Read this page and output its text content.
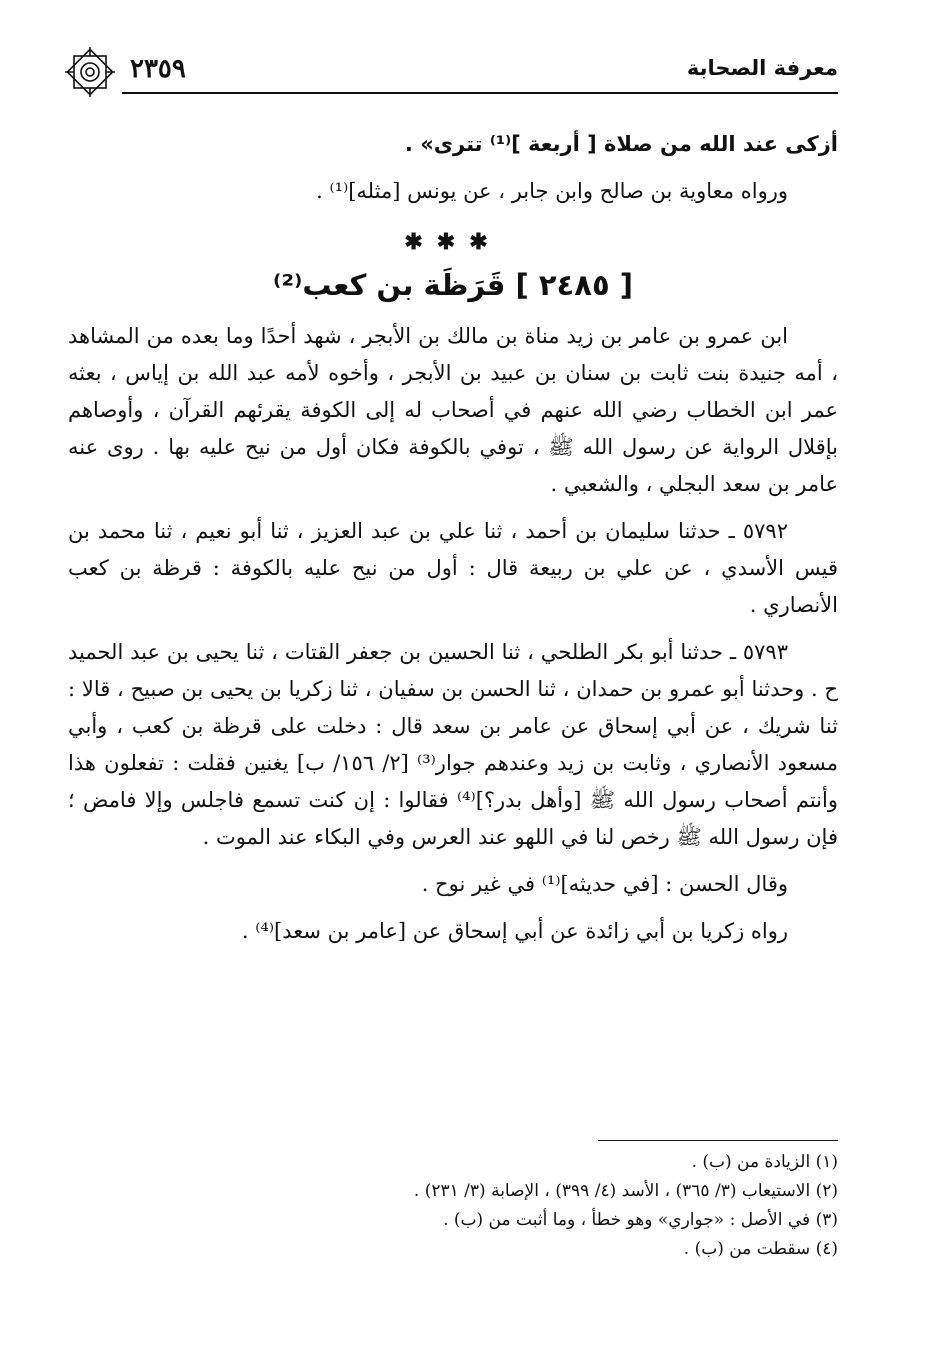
معرفة الصحابة
٢٣٥٩

أزكى عند الله من صلاة [ أربعة ]⁽¹⁾ تترى» .

ورواه معاوية بن صالح وابن جابر ، عن يونس [مثله]⁽¹⁾ .

✱✱✱
[ ٢٤٨٥ ] قَرَظَة بن كعب⁽²⁾

ابن عمرو بن عامر بن زيد مناة بن مالك بن الأبجر ، شهد أحدًا وما بعده من المشاهد ، أمه جنيدة بنت ثابت بن سنان بن عبيد بن الأبجر ، وأخوه لأمه عبد الله بن إياس ، بعثه عمر ابن الخطاب رضي الله عنهم في أصحاب له إلى الكوفة يقرئهم القرآن ، وأوصاهم بإقلال الرواية عن رسول الله ﷺ ، توفي بالكوفة فكان أول من نيح عليه بها . روى عنه عامر بن سعد البجلي ، والشعبي .

٥٧٩٢ ـ حدثنا سليمان بن أحمد ، ثنا علي بن عبد العزيز ، ثنا أبو نعيم ، ثنا محمد بن قيس الأسدي ، عن علي بن ربيعة قال : أول من نيح عليه بالكوفة : قرظة بن كعب الأنصاري .

٥٧٩٣ ـ حدثنا أبو بكر الطلحي ، ثنا الحسين بن جعفر القتات ، ثنا يحيى بن عبد الحميد ح . وحدثنا أبو عمرو بن حمدان ، ثنا الحسن بن سفيان ، ثنا زكريا بن يحيى بن صبيح ، قالا : ثنا شريك ، عن أبي إسحاق عن عامر بن سعد قال : دخلت على قرظة بن كعب ، وأبي مسعود الأنصاري ، وثابت بن زيد وعندهم جوار⁽³⁾ [٢/ ١٥٦/ ب] يغنين فقلت : تفعلون هذا وأنتم أصحاب رسول الله ﷺ [وأهل بدر؟]⁽⁴⁾ فقالوا : إن كنت تسمع فاجلس وإلا فامض ؛ فإن رسول الله ﷺ رخص لنا في اللهو عند العرس وفي البكاء عند الموت .

وقال الحسن : [في حديثه]⁽¹⁾ في غير نوح .

رواه زكريا بن أبي زائدة عن أبي إسحاق عن [عامر بن سعد]⁽⁴⁾ .

(١) الزيادة من (ب) .
(٢) الاستيعاب (٣/ ٣٦٥) ، الأسد (٤/ ٣٩٩) ، الإصابة (٣/ ٢٣١) .
(٣) في الأصل : «جواري» وهو خطأ ، وما أثبت من (ب) .
(٤) سقطت من (ب) .
